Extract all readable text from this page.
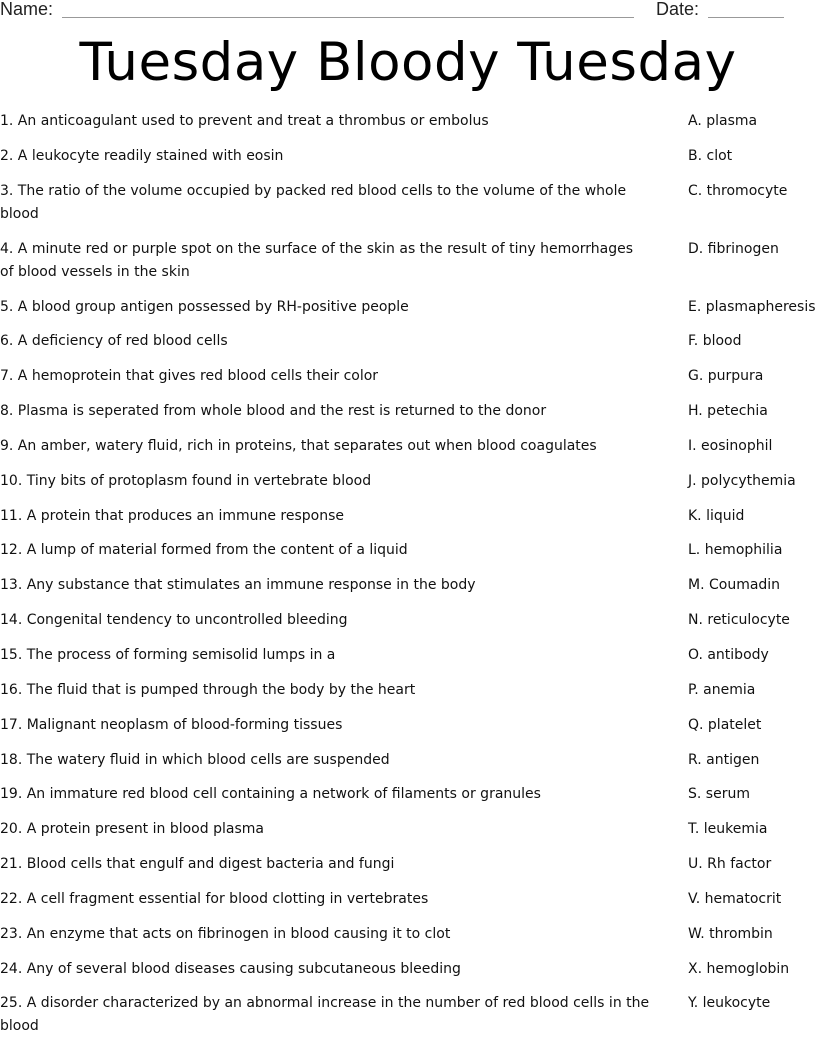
Name:	Date:
Tuesday Bloody Tuesday
1. An anticoagulant used to prevent and treat a thrombus or embolus
2. A leukocyte readily stained with eosin
3. The ratio of the volume occupied by packed red blood cells to the volume of the whole blood
4. A minute red or purple spot on the surface of the skin as the result of tiny hemorrhages of blood vessels in the skin
5. A blood group antigen possessed by RH-positive people
6. A deficiency of red blood cells
7. A hemoprotein that gives red blood cells their color
8. Plasma is seperated from whole blood and the rest is returned to the donor
9. An amber, watery fluid, rich in proteins, that separates out when blood coagulates
10. Tiny bits of protoplasm found in vertebrate blood
11. A protein that produces an immune response
12. A lump of material formed from the content of a liquid
13. Any substance that stimulates an immune response in the body
14. Congenital tendency to uncontrolled bleeding
15. The process of forming semisolid lumps in a
16. The fluid that is pumped through the body by the heart
17. Malignant neoplasm of blood-forming tissues
18. The watery fluid in which blood cells are suspended
19. An immature red blood cell containing a network of filaments or granules
20. A protein present in blood plasma
21. Blood cells that engulf and digest bacteria and fungi
22. A cell fragment essential for blood clotting in vertebrates
23. An enzyme that acts on fibrinogen in blood causing it to clot
24. Any of several blood diseases causing subcutaneous bleeding
25. A disorder characterized by an abnormal increase in the number of red blood cells in the blood
A. plasma
B. clot
C. thromocyte
D. fibrinogen
E. plasmapheresis
F. blood
G. purpura
H. petechia
I. eosinophil
J. polycythemia
K. liquid
L. hemophilia
M. Coumadin
N. reticulocyte
O. antibody
P. anemia
Q. platelet
R. antigen
S. serum
T. leukemia
U. Rh factor
V. hematocrit
W. thrombin
X. hemoglobin
Y. leukocyte
